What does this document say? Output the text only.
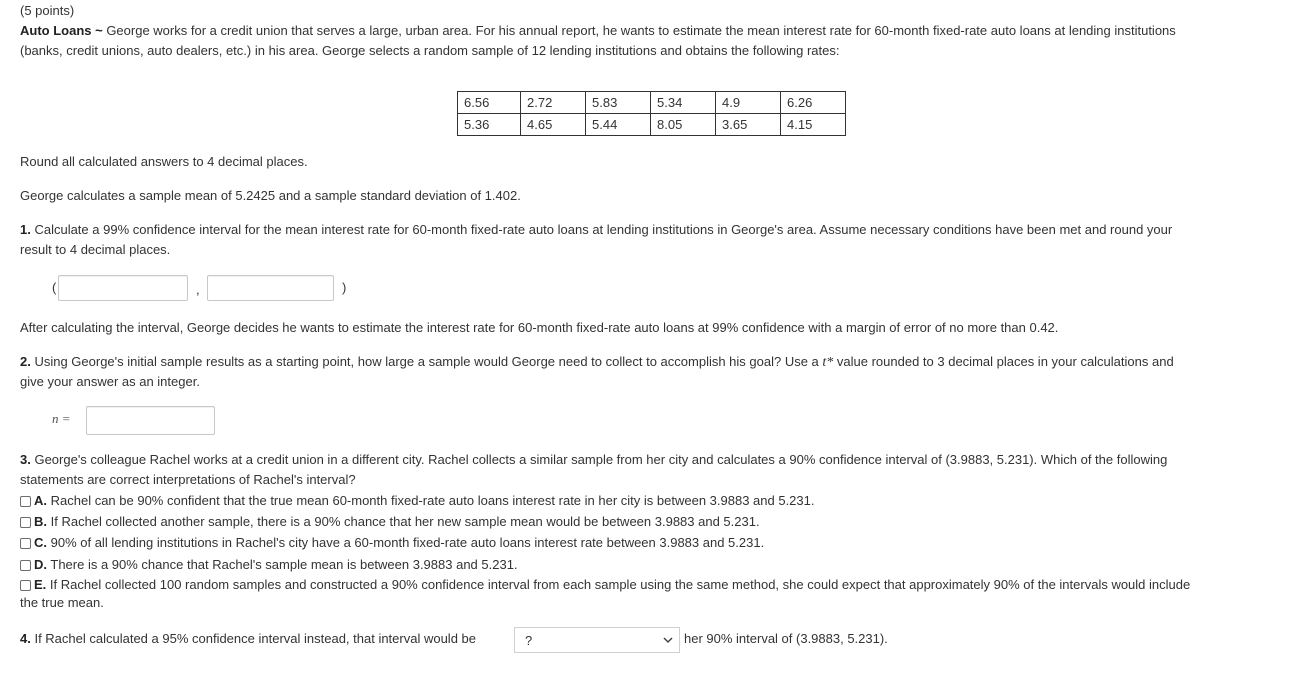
(5 points)
Auto Loans ~ George works for a credit union that serves a large, urban area. For his annual report, he wants to estimate the mean interest rate for 60-month fixed-rate auto loans at lending institutions
(banks, credit unions, auto dealers, etc.) in his area. George selects a random sample of 12 lending institutions and obtains the following rates:
6.56	2.72	5.83	5.34	4.9	6.26
5.36	4.65	5.44	8.05	3.65	4.15
Round all calculated answers to 4 decimal places.
George calculates a sample mean of 5.2425 and a sample standard deviation of 1.402.
1. Calculate a 99% confidence interval for the mean interest rate for 60-month fixed-rate auto loans at lending institutions in George's area. Assume necessary conditions have been met and round your
result to 4 decimal places.
(	,	)
After calculating the interval, George decides he wants to estimate the interest rate for 60-month fixed-rate auto loans at 99% confidence with a margin of error of no more than 0.42.
2. Using George's initial sample results as a starting point, how large a sample would George need to collect to accomplish his goal? Use a t* value rounded to 3 decimal places in your calculations and
give your answer as an integer.
n =
3. George's colleague Rachel works at a credit union in a different city. Rachel collects a similar sample from her city and calculates a 90% confidence interval of (3.9883, 5.231). Which of the following
statements are correct interpretations of Rachel's interval?
A. Rachel can be 90% confident that the true mean 60-month fixed-rate auto loans interest rate in her city is between 3.9883 and 5.231.
B. If Rachel collected another sample, there is a 90% chance that her new sample mean would be between 3.9883 and 5.231.
C. 90% of all lending institutions in Rachel's city have a 60-month fixed-rate auto loans interest rate between 3.9883 and 5.231.
D. There is a 90% chance that Rachel's sample mean is between 3.9883 and 5.231.
E. If Rachel collected 100 random samples and constructed a 90% confidence interval from each sample using the same method, she could expect that approximately 90% of the intervals would include
the true mean.
4. If Rachel calculated a 95% confidence interval instead, that interval would be	?	her 90% interval of (3.9883, 5.231).
